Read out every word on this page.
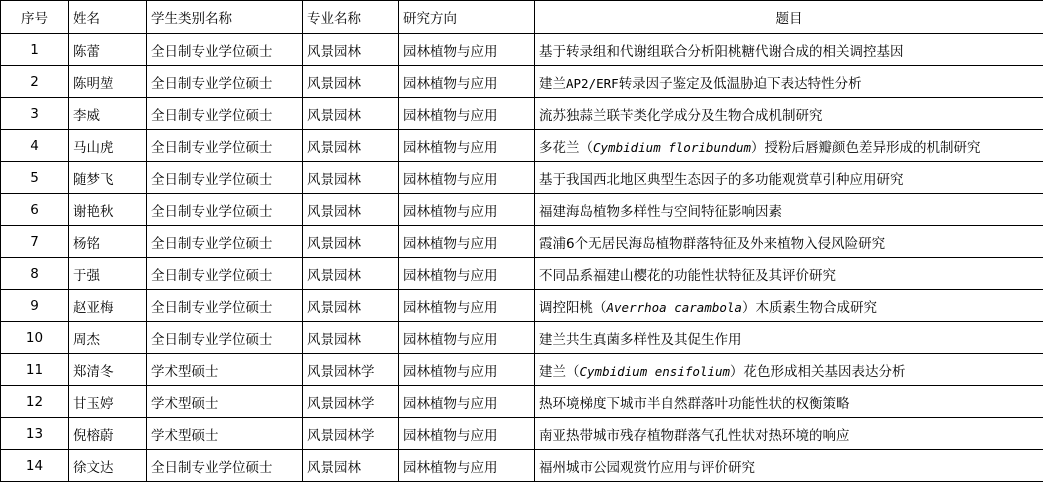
序号	姓名	学生类别名称	专业名称	研究方向	题目
1	陈蕾	全日制专业学位硕士	风景园林	园林植物与应用	基于转录组和代谢组联合分析阳桃糖代谢合成的相关调控基因
2	陈明堃	全日制专业学位硕士	风景园林	园林植物与应用	建兰AP2/ERF转录因子鉴定及低温胁迫下表达特性分析
3	李威	全日制专业学位硕士	风景园林	园林植物与应用	流苏独蒜兰联苄类化学成分及生物合成机制研究
4	马山虎	全日制专业学位硕士	风景园林	园林植物与应用	多花兰（Cymbidium floribundum）授粉后唇瓣颜色差异形成的机制研究
5	随梦飞	全日制专业学位硕士	风景园林	园林植物与应用	基于我国西北地区典型生态因子的多功能观赏草引种应用研究
6	谢艳秋	全日制专业学位硕士	风景园林	园林植物与应用	福建海岛植物多样性与空间特征影响因素
7	杨铭	全日制专业学位硕士	风景园林	园林植物与应用	霞浦6个无居民海岛植物群落特征及外来植物入侵风险研究
8	于强	全日制专业学位硕士	风景园林	园林植物与应用	不同品系福建山樱花的功能性状特征及其评价研究
9	赵亚梅	全日制专业学位硕士	风景园林	园林植物与应用	调控阳桃（Averrhoa carambola）木质素生物合成研究
10	周杰	全日制专业学位硕士	风景园林	园林植物与应用	建兰共生真菌多样性及其促生作用
11	郑清冬	学术型硕士	风景园林学	园林植物与应用	建兰（Cymbidium ensifolium）花色形成相关基因表达分析
12	甘玉婷	学术型硕士	风景园林学	园林植物与应用	热环境梯度下城市半自然群落叶功能性状的权衡策略
13	倪榕蔚	学术型硕士	风景园林学	园林植物与应用	南亚热带城市残存植物群落气孔性状对热环境的响应
14	徐文达	全日制专业学位硕士	风景园林	园林植物与应用	福州城市公园观赏竹应用与评价研究
